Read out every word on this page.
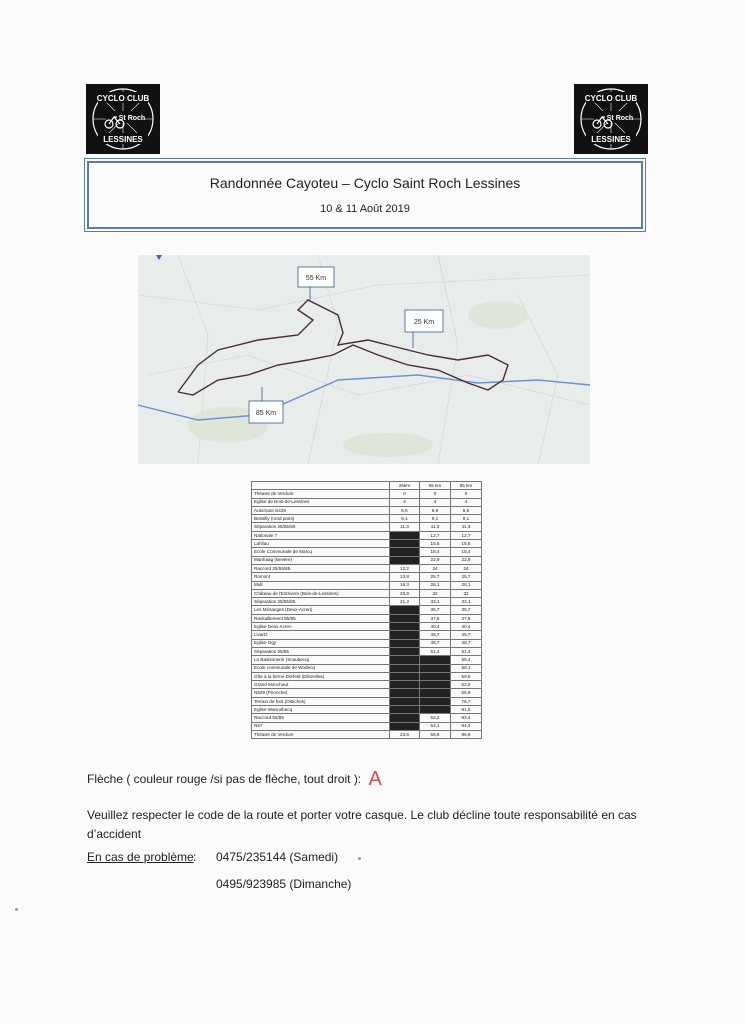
CYCLO CLUB
St Roch
LESSINES
CYCLO CLUB
St Roch
LESSINES
Randonnée Cayoteu – Cyclo Saint Roch Lessines
10 & 11 Août 2019
55 Km
25 Km
85 Km
	25km	55 km	85 km
Théatre de Verdure	0	0	0
Eglise de Bois-de-Lessines	4	4	4
Autoroute E429	6,5	6,5	6,5
Bessilly (rond point)	9,1	9,1	9,1
Séparation 25/55/85	11,3	11,3	11,3
Nationale 7		12,7	12,7
Lahliau		15,6	15,6
Ecole Communale de Marcq		18,4	18,4
Manhaag (Bevère)		22,9	22,9
Raccord 25/55/85	12,2	24	24
Romont	13,8	25,7	25,7
Mult	16,3	28,1	28,1
Château de l'Estrivere (Bois-de-Lessines)	20,9	32	32
Séparation 25/55/85	21,3	33,1	33,1
Les Mésanges (Deux-Acren)		35,7	35,7
Ravitaillement 55/85		37,8	37,8
Eglise Deux Acren		40,4	40,4
Livartz		45,7	45,7
Eglise Ogy		48,7	48,7
Séparation 55/85		51,4	51,4
La Baissonerie (Scaubecq)			55,4
Ecole communale de Wodecq			58,1
Gîte à la ferme Dörfeld (Ellezelles)			59,5
Grand Monchaut			62,9
N529 (Pironche)			65,9
Terrain de foot (Ostiches)			76,7
Eglise Wannebecq			81,6
Raccord 55/85		52,2	83,4
N57		53,1	84,3
Théatre de Verdure	23,6	55,6	86,8
Flèche ( couleur rouge /si pas de flèche, tout droit ): A
Veuillez respecter le code de la route et porter votre casque. Le club décline toute responsabilité en cas d’accident
En cas de problème : 0475/235144 (Samedi)
0495/923985 (Dimanche)
